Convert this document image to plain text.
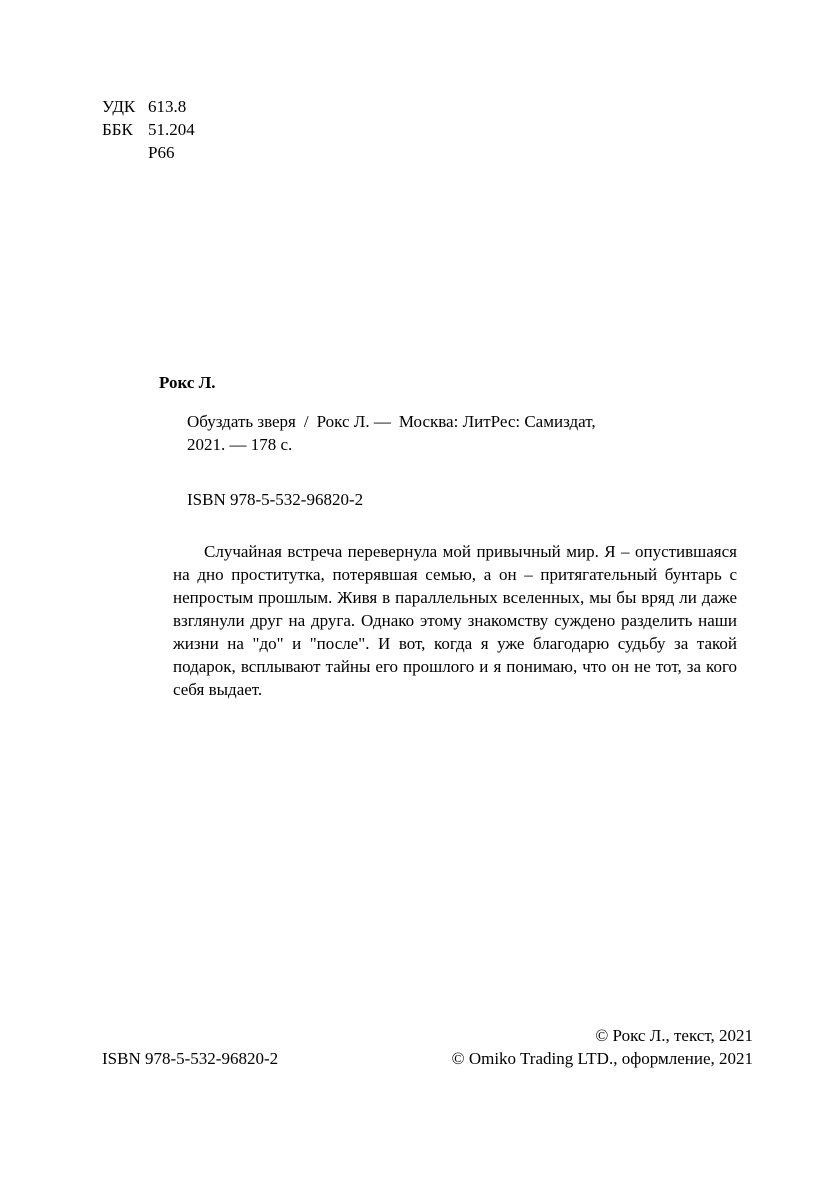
УДК 613.8
ББК 51.204
Р66
Рокс Л.
Обуздать зверя / Рокс Л. — Москва: ЛитРес: Самиздат,
2021. — 178 с.
ISBN 978-5-532-96820-2
Случайная встреча перевернула мой привычный мир. Я – опустившаяся на дно проститутка, потерявшая семью, а он – притягательный бунтарь с непростым прошлым. Живя в параллельных вселенных, мы бы вряд ли даже взглянули друг на друга. Однако этому знакомству суждено разделить наши жизни на "до" и "после". И вот, когда я уже благодарю судьбу за такой подарок, всплывают тайны его прошлого и я понимаю, что он не тот, за кого себя выдает.
© Рокс Л., текст, 2021
ISBN 978-5-532-96820-2	© Omiko Trading LTD., оформление, 2021
